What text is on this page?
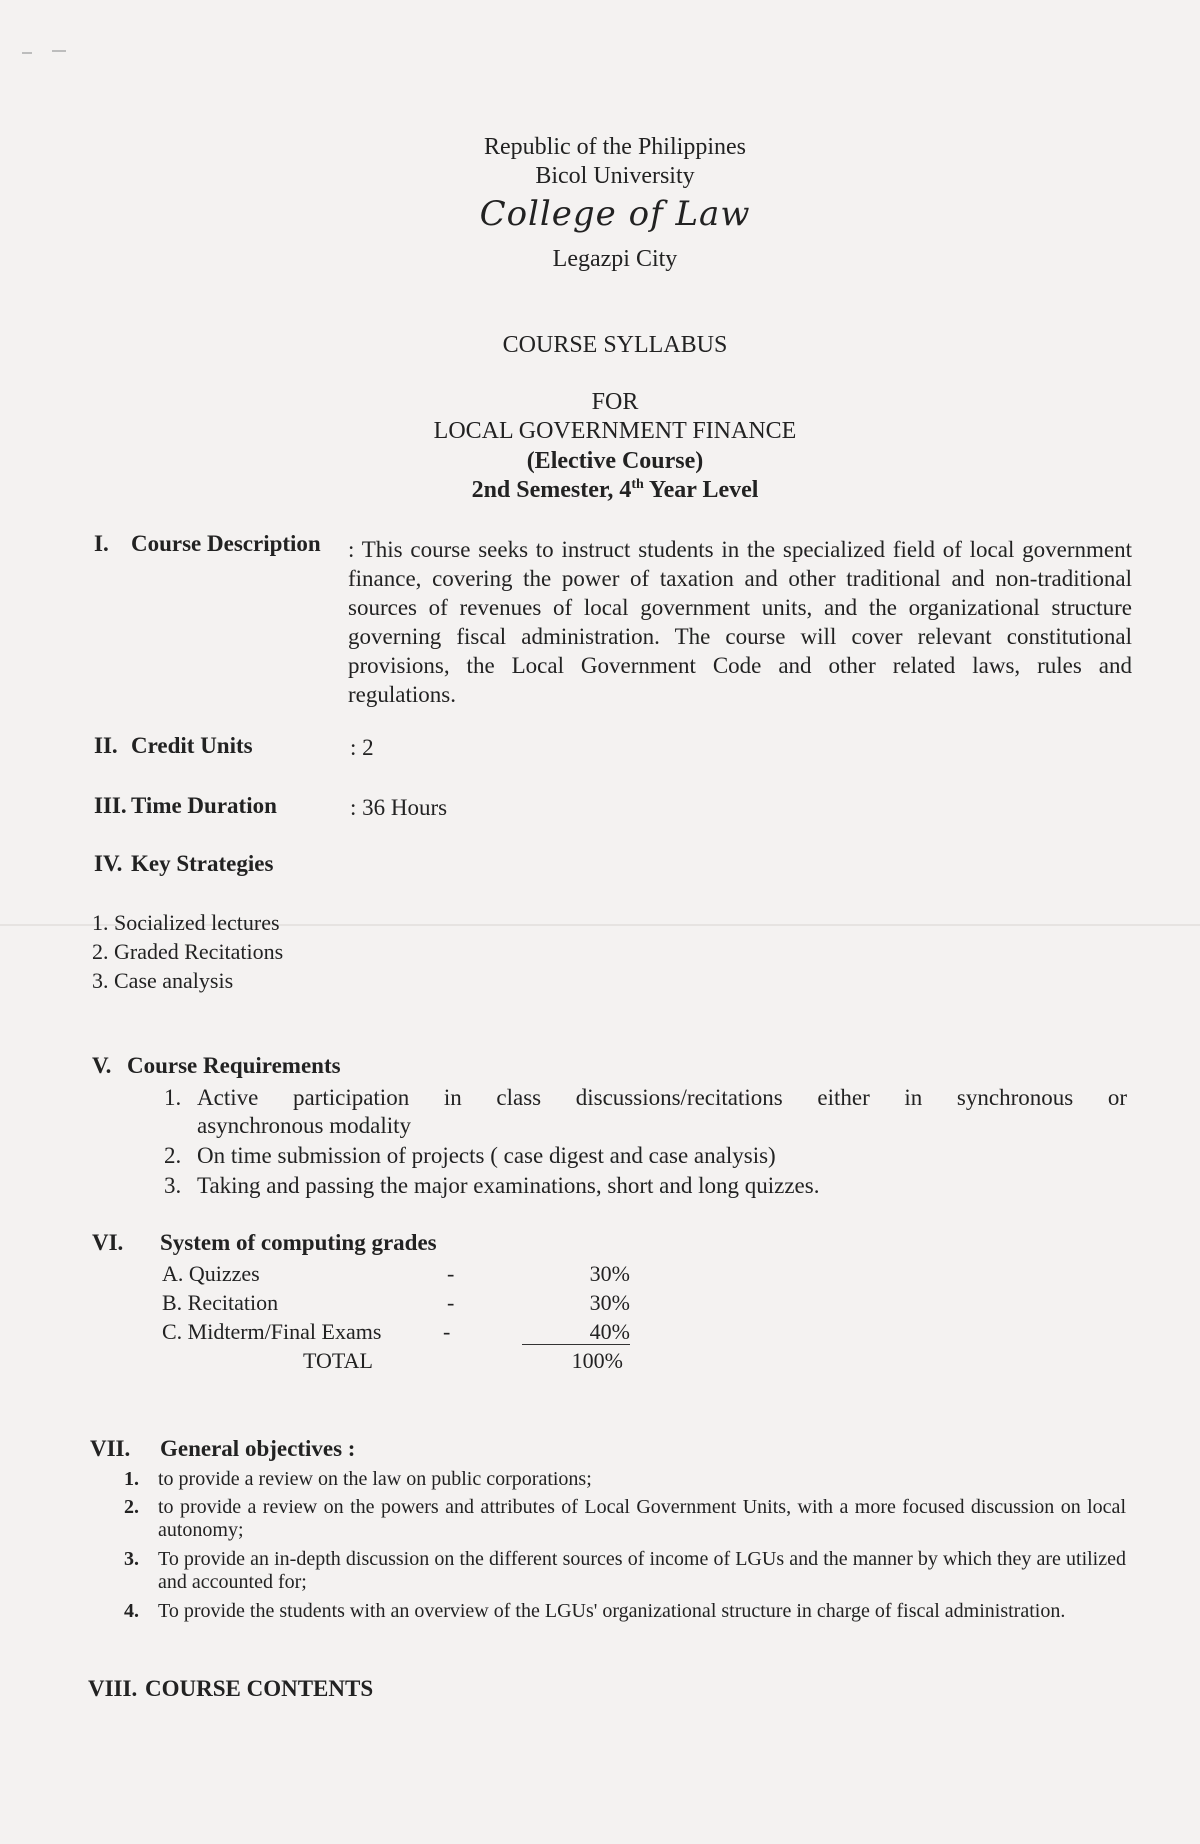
Republic of the Philippines
Bicol University
College of Law
Legazpi City
COURSE SYLLABUS
FOR
LOCAL GOVERNMENT FINANCE
(Elective Course)
2nd Semester, 4th Year Level
I. Course Description : This course seeks to instruct students in the specialized field of local government finance, covering the power of taxation and other traditional and non-traditional sources of revenues of local government units, and the organizational structure governing fiscal administration. The course will cover relevant constitutional provisions, the Local Government Code and other related laws, rules and regulations.

II. Credit Units	: 2
III. Time Duration	: 36 Hours
IV. Key Strategies
1. Socialized lectures
2. Graded Recitations
3. Case analysis
V. Course Requirements
1. Active participation in class discussions/recitations either in synchronous or
asynchronous modality
2. On time submission of projects ( case digest and case analysis)
3. Taking and passing the major examinations, short and long quizzes.
VI. System of computing grades
A. Quizzes	-	30%
B. Recitation	-	30%
C. Midterm/Final Exams	-	40%
TOTAL	100%
VII. General objectives :
1. to provide a review on the law on public corporations;
2. to provide a review on the powers and attributes of Local Government Units, with a more focused discussion on local autonomy;
3. To provide an in-depth discussion on the different sources of income of LGUs and the manner by which they are utilized and accounted for;
4. To provide the students with an overview of the LGUs' organizational structure in charge of fiscal administration.
VIII. COURSE CONTENTS
